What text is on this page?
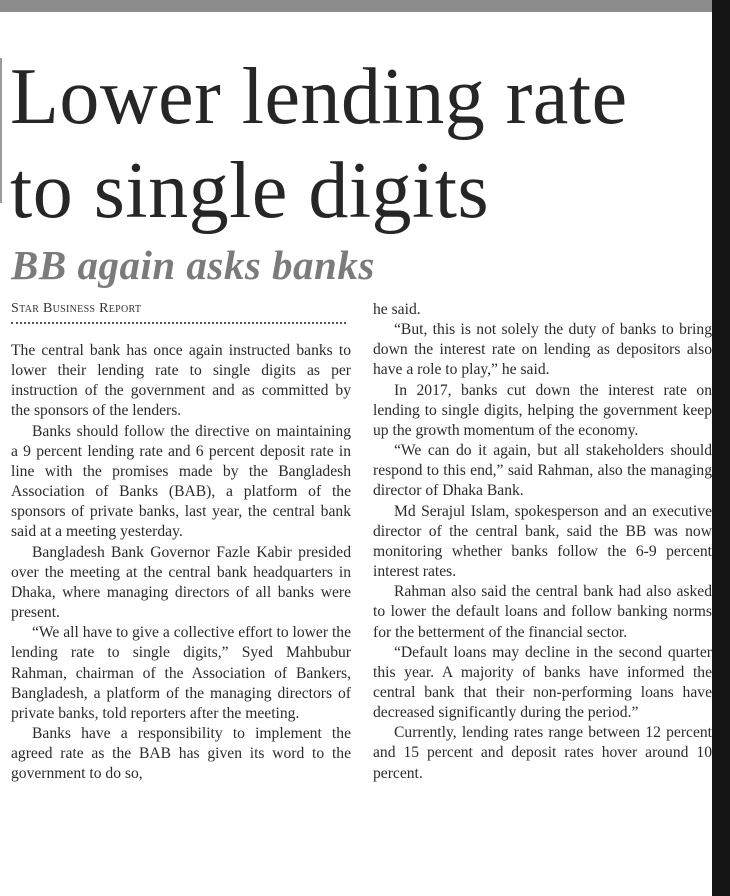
Lower lending rate
to single digits
BB again asks banks
Star Business Report

The central bank has once again instructed banks to lower their lending rate to single digits as per instruction of the government and as committed by the sponsors of the lenders.

Banks should follow the directive on maintaining a 9 percent lending rate and 6 percent deposit rate in line with the promises made by the Bangladesh Association of Banks (BAB), a platform of the sponsors of private banks, last year, the central bank said at a meeting yesterday.

Bangladesh Bank Governor Fazle Kabir presided over the meeting at the central bank headquarters in Dhaka, where managing directors of all banks were present.

“We all have to give a collective effort to lower the lending rate to single digits,” Syed Mahbubur Rahman, chairman of the Association of Bankers, Bangladesh, a platform of the managing directors of private banks, told reporters after the meeting.

Banks have a responsibility to implement the agreed rate as the BAB has given its word to the government to do so,

he said.

“But, this is not solely the duty of banks to bring down the interest rate on lending as depositors also have a role to play,” he said.

In 2017, banks cut down the interest rate on lending to single digits, helping the government keep up the growth momentum of the economy.

“We can do it again, but all stakeholders should respond to this end,” said Rahman, also the managing director of Dhaka Bank.

Md Serajul Islam, spokesperson and an executive director of the central bank, said the BB was now monitoring whether banks follow the 6-9 percent interest rates.

Rahman also said the central bank had also asked to lower the default loans and follow banking norms for the betterment of the financial sector.

“Default loans may decline in the second quarter this year. A majority of banks have informed the central bank that their non-performing loans have decreased significantly during the period.”

Currently, lending rates range between 12 percent and 15 percent and deposit rates hover around 10 percent.
